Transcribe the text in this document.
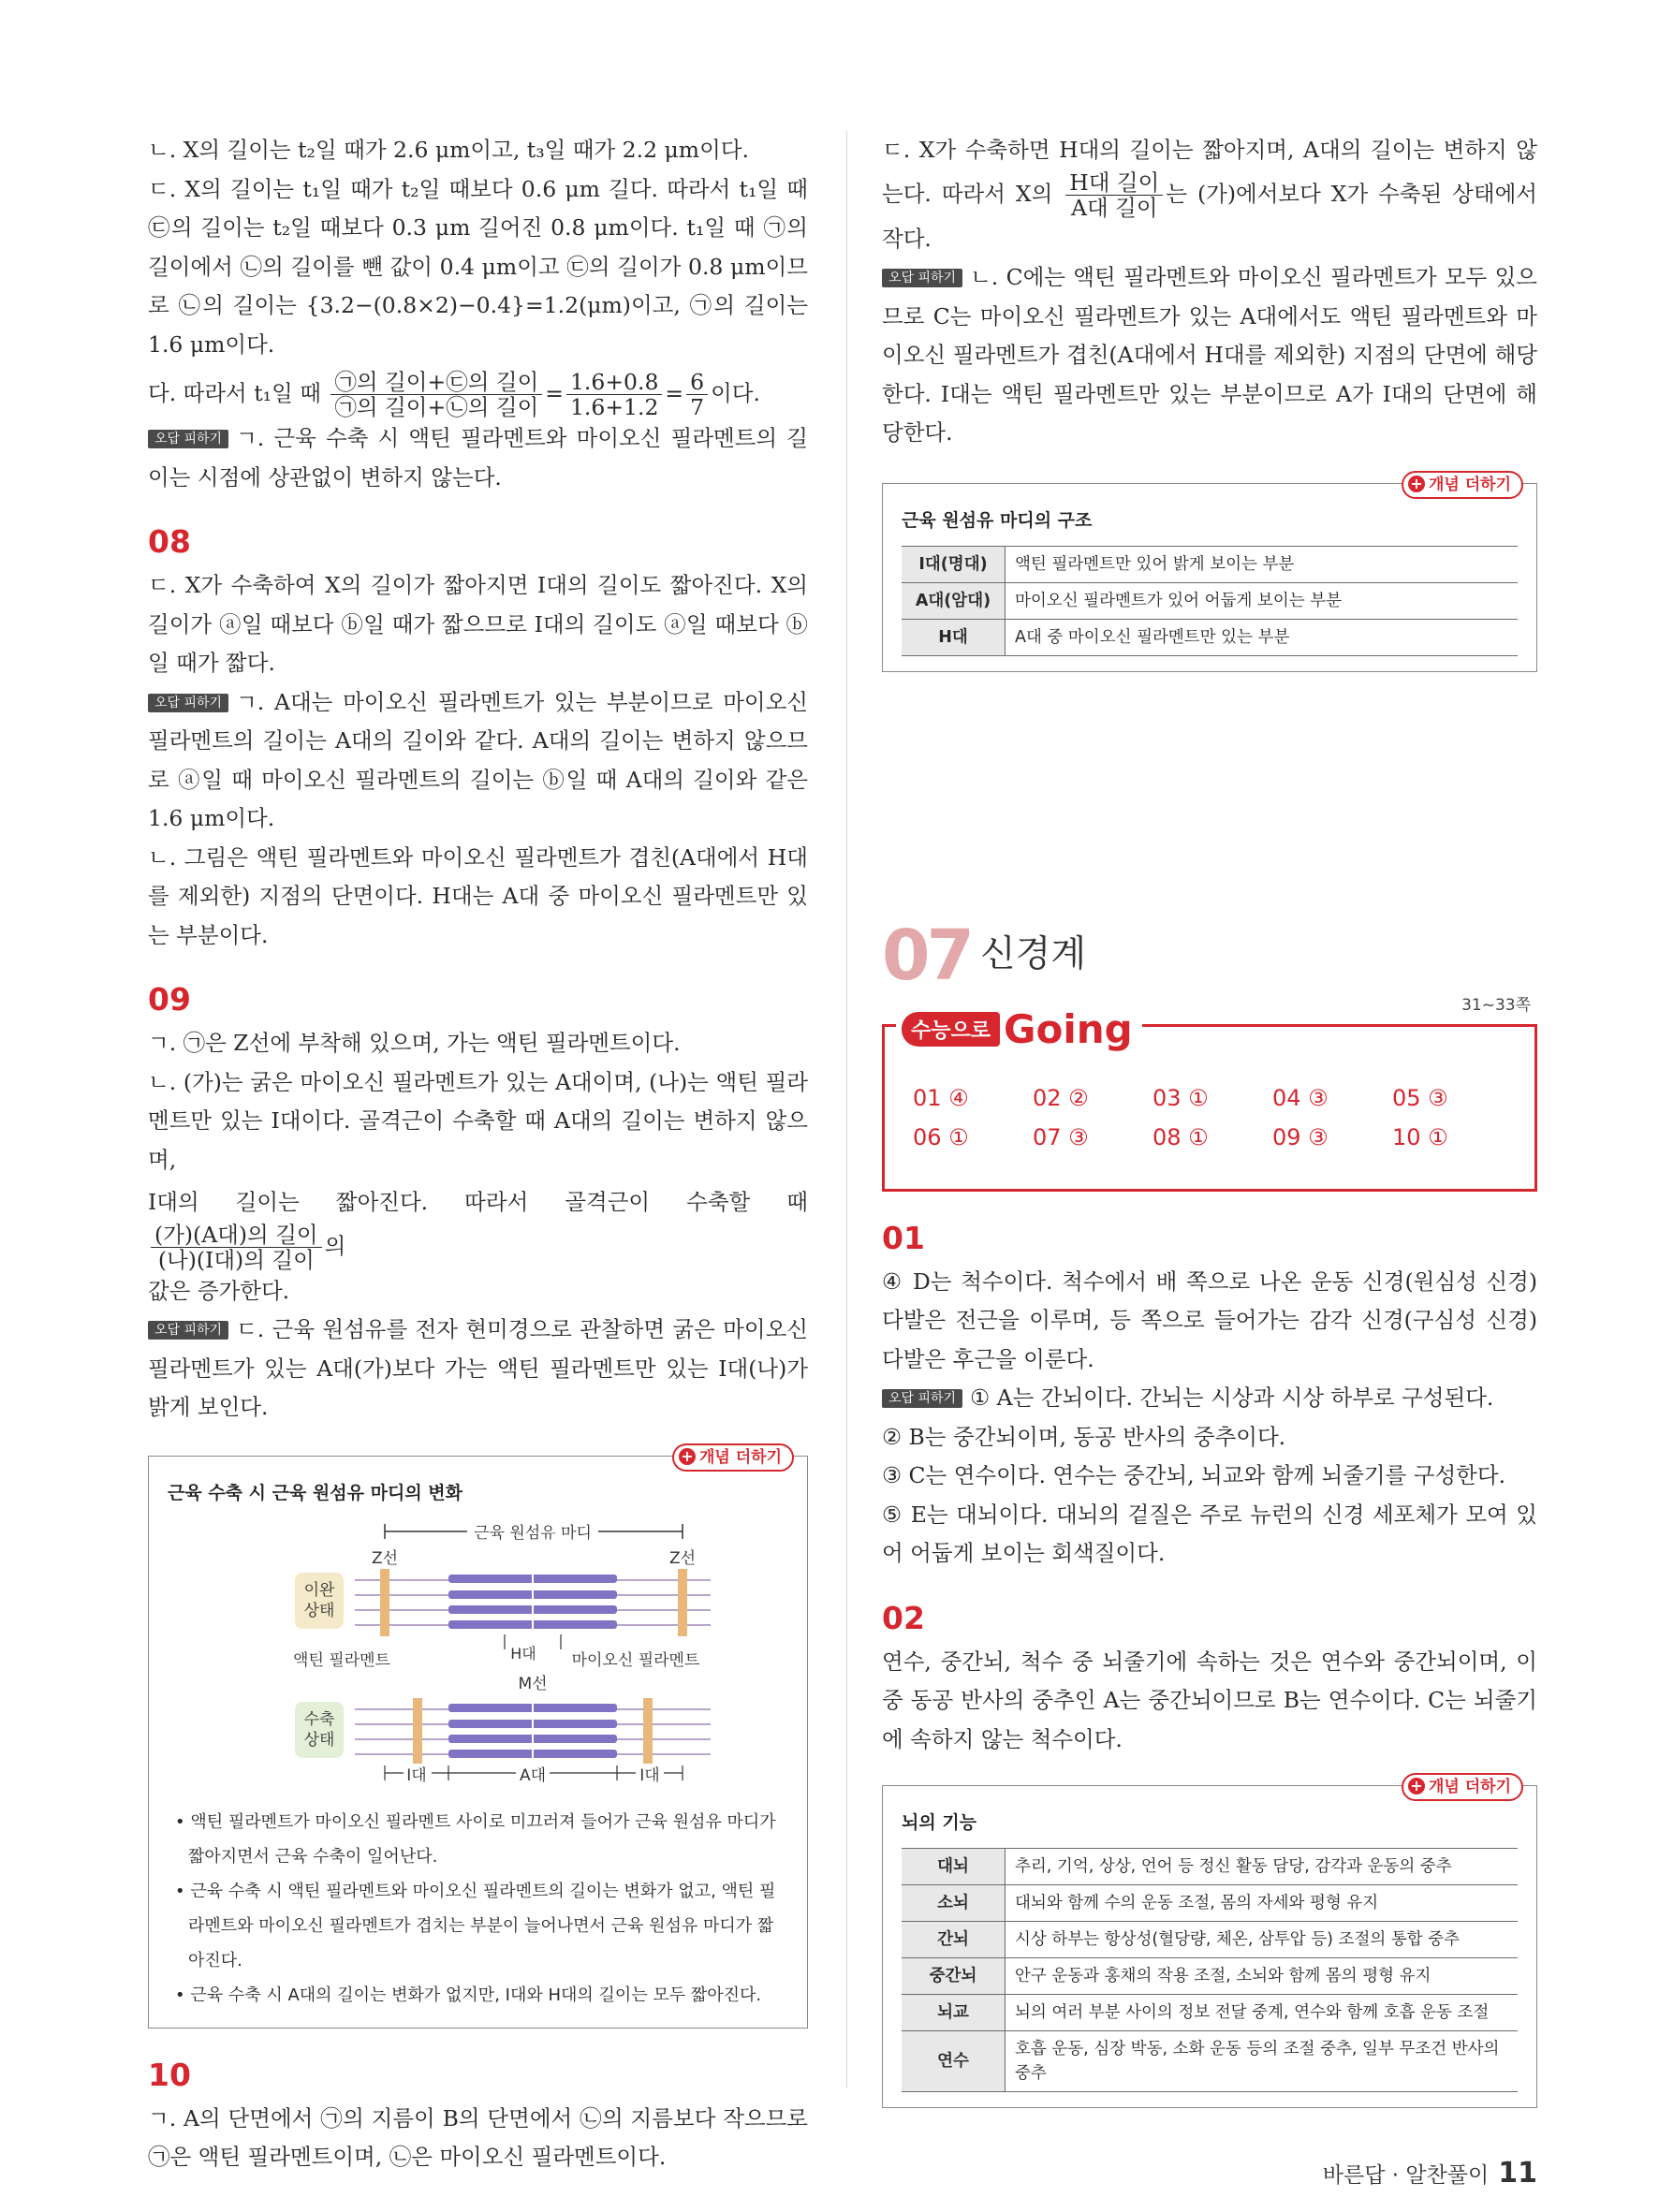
ㄴ. X의 길이는 t₂일 때가 2.6 μm이고, t₃일 때가 2.2 μm이다.

ㄷ. X의 길이는 t₁일 때가 t₂일 때보다 0.6 μm 길다. 따라서 t₁일 때 ㉢의 길이는 t₂일 때보다 0.3 μm 길어진 0.8 μm이다. t₁일 때 ㉠의 길이에서 ㉡의 길이를 뺀 값이 0.4 μm이고 ㉢의 길이가 0.8 μm이므로 ㉡의 길이는 {3.2−(0.8×2)−0.4}=1.2(μm)이고, ㉠의 길이는 1.6 μm이다.

다. 따라서 t₁일 때 $\frac{\text{㉠의 길이+㉢의 길이}}{\text{㉠의 길이+㉡의 길이}} = \frac{1.6+0.8}{1.6+1.2} = \frac{6}{7}$ 이다.

오답 피하기 ㄱ. 근육 수축 시 액틴 필라멘트와 마이오신 필라멘트의 길이는 시점에 상관없이 변하지 않는다.

08

ㄷ. X가 수축하여 X의 길이가 짧아지면 I대의 길이도 짧아진다. X의 길이가 ⓐ일 때보다 ⓑ일 때가 짧으므로 I대의 길이도 ⓐ일 때보다 ⓑ일 때가 짧다.

오답 피하기 ㄱ. A대는 마이오신 필라멘트가 있는 부분이므로 마이오신 필라멘트의 길이는 A대의 길이와 같다. A대의 길이는 변하지 않으므로 ⓐ일 때 마이오신 필라멘트의 길이는 ⓑ일 때 A대의 길이와 같은 1.6 μm이다.

ㄴ. 그림은 액틴 필라멘트와 마이오신 필라멘트가 겹친(A대에서 H대를 제외한) 지점의 단면이다. H대는 A대 중 마이오신 필라멘트만 있는 부분이다.

09

ㄱ. ㉠은 Z선에 부착해 있으며, 가는 액틴 필라멘트이다.

ㄴ. (가)는 굵은 마이오신 필라멘트가 있는 A대이며, (나)는 액틴 필라멘트만 있는 I대이다. 골격근이 수축할 때 A대의 길이는 변하지 않으며,

I대의 길이는 짧아진다. 따라서 골격근이 수축할 때
$\frac{\text{(가)(A대)의 길이}}{\text{(나)(I대)의 길이}}$ 의

값은 증가한다.

오답 피하기 ㄷ. 근육 원섬유를 전자 현미경으로 관찰하면 굵은 마이오신 필라멘트가 있는 A대(가)보다 가는 액틴 필라멘트만 있는 I대(나)가 밝게 보인다.

+ 개념 더하기
근육 수축 시 근육 원섬유 마디의 변화
근육 원섬유 마디
Z선	Z선
이완
상태
H대
액틴 필라멘트	마이오신 필라멘트
M선
수축
상태
I대	A대	I대
• 액틴 필라멘트가 마이오신 필라멘트 사이로 미끄러져 들어가 근육 원섬유 마디가 짧아지면서 근육 수축이 일어난다.
• 근육 수축 시 액틴 필라멘트와 마이오신 필라멘트의 길이는 변화가 없고, 액틴 필라멘트와 마이오신 필라멘트가 겹치는 부분이 늘어나면서 근육 원섬유 마디가 짧아진다.
• 근육 수축 시 A대의 길이는 변화가 없지만, I대와 H대의 길이는 모두 짧아진다.
10

ㄱ. A의 단면에서 ㉠의 지름이 B의 단면에서 ㉡의 지름보다 작으므로 ㉠은 액틴 필라멘트이며, ㉡은 마이오신 필라멘트이다.

ㄷ. X가 수축하면 H대의 길이는 짧아지며, A대의 길이는 변하지 않는다. 따라서 X의 $\frac{\text{H대 길이}}{\text{A대 길이}}$ 는 (가)에서보다 X가 수축된 상태에서 작다.

오답 피하기 ㄴ. C에는 액틴 필라멘트와 마이오신 필라멘트가 모두 있으므로 C는 마이오신 필라멘트가 있는 A대에서도 액틴 필라멘트와 마이오신 필라멘트가 겹친(A대에서 H대를 제외한) 지점의 단면에 해당한다. I대는 액틴 필라멘트만 있는 부분이므로 A가 I대의 단면에 해당한다.

+ 개념 더하기
근육 원섬유 마디의 구조
I대(명대)	액틴 필라멘트만 있어 밝게 보이는 부분
A대(암대)	마이오신 필라멘트가 있어 어둡게 보이는 부분
H대	A대 중 마이오신 필라멘트만 있는 부분
07 신경계
수능으로 Going
31~33쪽
01 ④	02 ②	03 ①	04 ③	05 ③
06 ①	07 ③	08 ①	09 ③	10 ①
01

④ D는 척수이다. 척수에서 배 쪽으로 나온 운동 신경(원심성 신경) 다발은 전근을 이루며, 등 쪽으로 들어가는 감각 신경(구심성 신경) 다발은 후근을 이룬다.

오답 피하기 ① A는 간뇌이다. 간뇌는 시상과 시상 하부로 구성된다.

② B는 중간뇌이며, 동공 반사의 중추이다.

③ C는 연수이다. 연수는 중간뇌, 뇌교와 함께 뇌줄기를 구성한다.

⑤ E는 대뇌이다. 대뇌의 겉질은 주로 뉴런의 신경 세포체가 모여 있어 어둡게 보이는 회색질이다.

02

연수, 중간뇌, 척수 중 뇌줄기에 속하는 것은 연수와 중간뇌이며, 이 중 동공 반사의 중추인 A는 중간뇌이므로 B는 연수이다. C는 뇌줄기에 속하지 않는 척수이다.

+ 개념 더하기
뇌의 기능
대뇌	추리, 기억, 상상, 언어 등 정신 활동 담당, 감각과 운동의 중추
소뇌	대뇌와 함께 수의 운동 조절, 몸의 자세와 평형 유지
간뇌	시상 하부는 항상성(혈당량, 체온, 삼투압 등) 조절의 통합 중추
중간뇌	안구 운동과 홍채의 작용 조절, 소뇌와 함께 몸의 평형 유지
뇌교	뇌의 여러 부분 사이의 정보 전달 중계, 연수와 함께 호흡 운동 조절
연수	호흡 운동, 심장 박동, 소화 운동 등의 조절 중추, 일부 무조건 반사의 중추
바른답 · 알찬풀이 11
